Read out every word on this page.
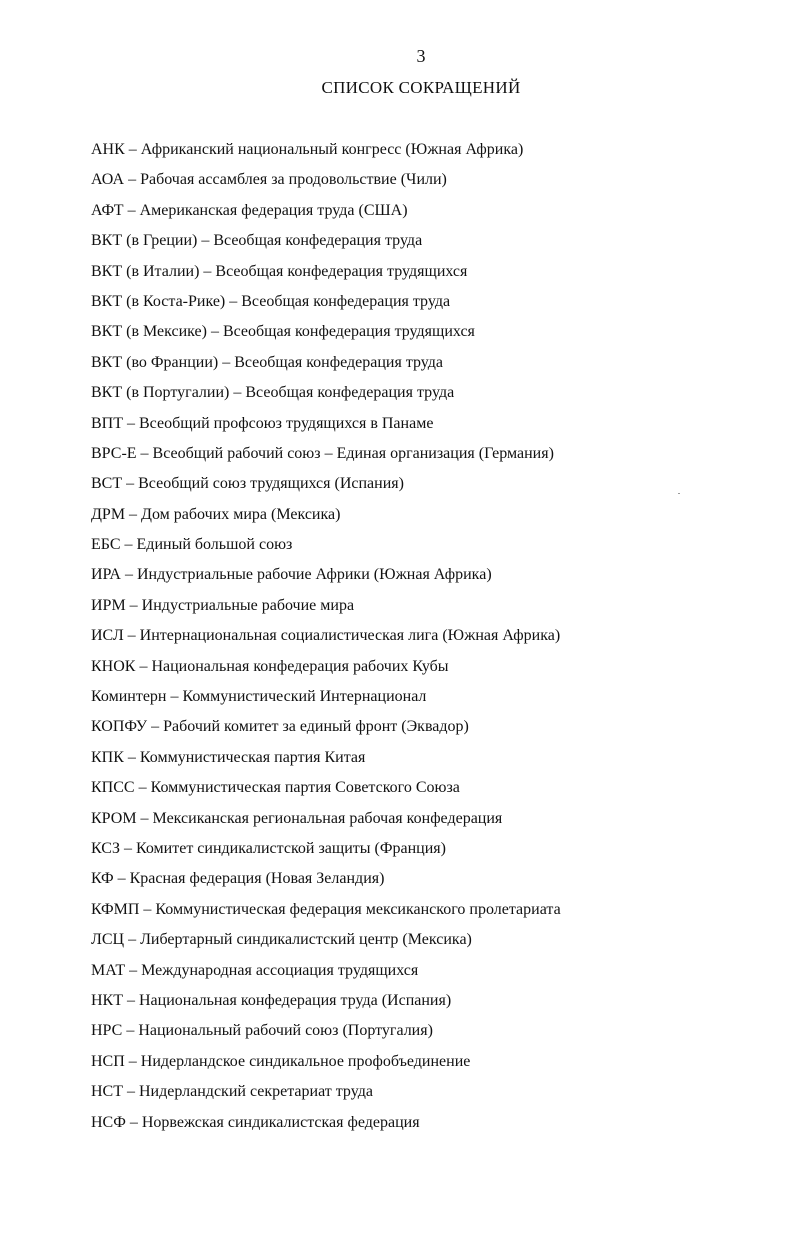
3
СПИСОК СОКРАЩЕНИЙ
АНК – Африканский национальный конгресс (Южная Африка)
АОА – Рабочая ассамблея за продовольствие (Чили)
АФТ – Американская федерация труда (США)
ВКТ (в Греции) – Всеобщая конфедерация труда
ВКТ (в Италии) – Всеобщая конфедерация трудящихся
ВКТ (в Коста-Рике) – Всеобщая конфедерация труда
ВКТ (в Мексике) – Всеобщая конфедерация трудящихся
ВКТ (во Франции) – Всеобщая конфедерация труда
ВКТ (в Португалии) – Всеобщая конфедерация труда
ВПТ – Всеобщий профсоюз трудящихся в Панаме
ВРС-Е – Всеобщий рабочий союз – Единая организация (Германия)
ВСТ – Всеобщий союз трудящихся (Испания)
ДРМ – Дом рабочих мира (Мексика)
ЕБС – Единый большой союз
ИРА – Индустриальные рабочие Африки (Южная Африка)
ИРМ – Индустриальные рабочие мира
ИСЛ – Интернациональная социалистическая лига (Южная Африка)
КНОК – Национальная конфедерация рабочих Кубы
Коминтерн – Коммунистический Интернационал
КОПФУ – Рабочий комитет за единый фронт (Эквадор)
КПК – Коммунистическая партия Китая
КПСС – Коммунистическая партия Советского Союза
КРОМ – Мексиканская региональная рабочая конфедерация
КСЗ – Комитет синдикалистской защиты (Франция)
КФ – Красная федерация (Новая Зеландия)
КФМП – Коммунистическая федерация мексиканского пролетариата
ЛСЦ – Либертарный синдикалистский центр (Мексика)
МАТ – Международная ассоциация трудящихся
НКТ – Национальная конфедерация труда (Испания)
НРС – Национальный рабочий союз (Португалия)
НСП – Нидерландское синдикальное профобъединение
НСТ – Нидерландский секретариат труда
НСФ – Норвежская синдикалистская федерация
